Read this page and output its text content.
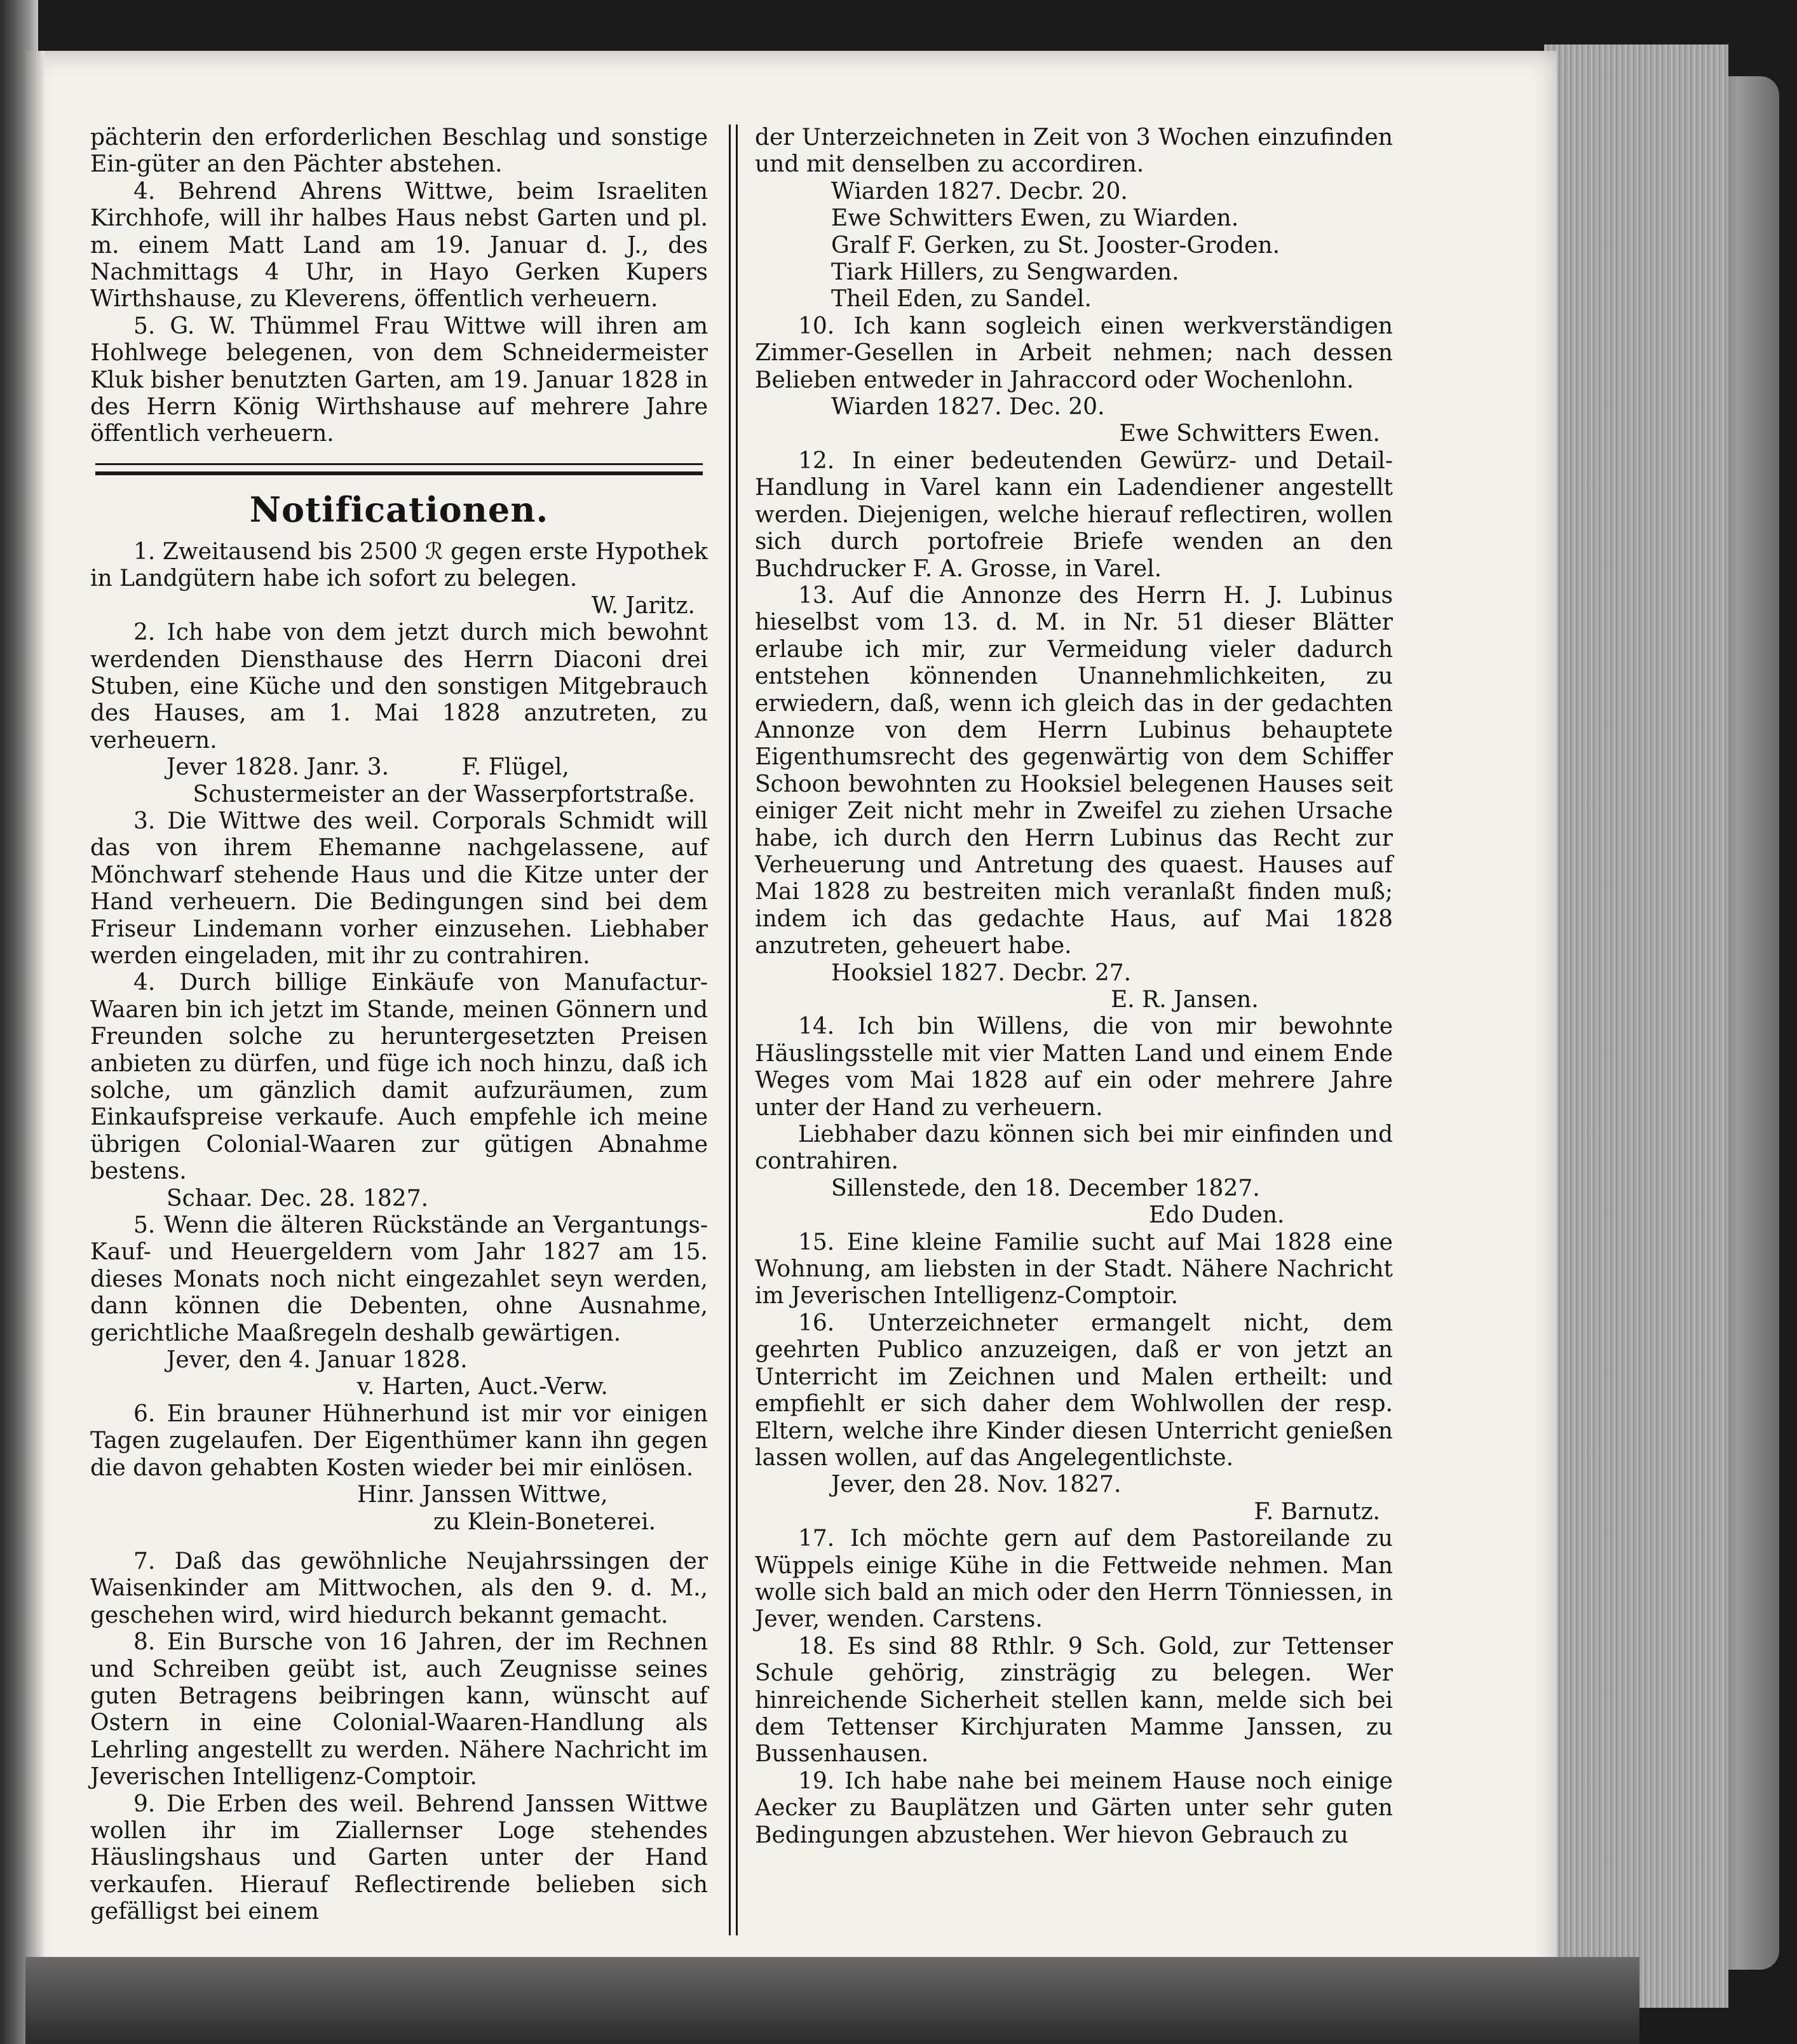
pächterin den erforderlichen Beschlag und sonstige Ein-güter an den Pächter abstehen.

4. Behrend Ahrens Wittwe, beim Israeliten Kirchhofe, will ihr halbes Haus nebst Garten und pl. m. einem Matt Land am 19. Januar d. J., des Nachmittags 4 Uhr, in Hayo Gerken Kupers Wirthshause, zu Kleverens, öffentlich verheuern.

5. G. W. Thümmel Frau Wittwe will ihren am Hohlwege belegenen, von dem Schneidermeister Kluk bisher benutzten Garten, am 19. Januar 1828 in des Herrn König Wirthshause auf mehrere Jahre öffentlich verheuern.

Notificationen.

1. Zweitausend bis 2500 ℛ gegen erste Hypothek in Landgütern habe ich sofort zu belegen.

W. Jaritz.

2. Ich habe von dem jetzt durch mich bewohnt werdenden Diensthause des Herrn Diaconi drei Stuben, eine Küche und den sonstigen Mitgebrauch des Hauses, am 1. Mai 1828 anzutreten, zu verheuern.

Jever 1828. Janr. 3.          F. Flügel,

Schustermeister an der Wasserpfortstraße.

3. Die Wittwe des weil. Corporals Schmidt will das von ihrem Ehemanne nachgelassene, auf Mönchwarf stehende Haus und die Kitze unter der Hand verheuern. Die Bedingungen sind bei dem Friseur Lindemann vorher einzusehen. Liebhaber werden eingeladen, mit ihr zu contrahiren.

4. Durch billige Einkäufe von Manufactur-Waaren bin ich jetzt im Stande, meinen Gönnern und Freunden solche zu heruntergesetzten Preisen anbieten zu dürfen, und füge ich noch hinzu, daß ich solche, um gänzlich damit aufzuräumen, zum Einkaufspreise verkaufe. Auch empfehle ich meine übrigen Colonial-Waaren zur gütigen Abnahme bestens.

Schaar. Dec. 28. 1827.

5. Wenn die älteren Rückstände an Vergantungs-Kauf- und Heuergeldern vom Jahr 1827 am 15. dieses Monats noch nicht eingezahlet seyn werden, dann können die Debenten, ohne Ausnahme, gerichtliche Maaßregeln deshalb gewärtigen.

Jever, den 4. Januar 1828.

v. Harten, Auct.-Verw.

6. Ein brauner Hühnerhund ist mir vor einigen Tagen zugelaufen. Der Eigenthümer kann ihn gegen die davon gehabten Kosten wieder bei mir einlösen.

Hinr. Janssen Wittwe,

zu Klein-Boneterei.

7. Daß das gewöhnliche Neujahrssingen der Waisenkinder am Mittwochen, als den 9. d. M., geschehen wird, wird hiedurch bekannt gemacht.

8. Ein Bursche von 16 Jahren, der im Rechnen und Schreiben geübt ist, auch Zeugnisse seines guten Betragens beibringen kann, wünscht auf Ostern in eine Colonial-Waaren-Handlung als Lehrling angestellt zu werden. Nähere Nachricht im Jeverischen Intelligenz-Comptoir.

9. Die Erben des weil. Behrend Janssen Wittwe wollen ihr im Ziallernser Loge stehendes Häuslingshaus und Garten unter der Hand verkaufen. Hierauf Reflectirende belieben sich gefälligst bei einem

der Unterzeichneten in Zeit von 3 Wochen einzufinden und mit denselben zu accordiren.

Wiarden 1827. Decbr. 20.

Ewe Schwitters Ewen, zu Wiarden.

Gralf F. Gerken, zu St. Jooster-Groden.

Tiark Hillers, zu Sengwarden.

Theil Eden, zu Sandel.

10. Ich kann sogleich einen werkverständigen Zimmer-Gesellen in Arbeit nehmen; nach dessen Belieben entweder in Jahraccord oder Wochenlohn.

Wiarden 1827. Dec. 20.

Ewe Schwitters Ewen.

12. In einer bedeutenden Gewürz- und Detail-Handlung in Varel kann ein Ladendiener angestellt werden. Diejenigen, welche hierauf reflectiren, wollen sich durch portofreie Briefe wenden an den Buchdrucker F. A. Grosse, in Varel.

13. Auf die Annonze des Herrn H. J. Lubinus hieselbst vom 13. d. M. in Nr. 51 dieser Blätter erlaube ich mir, zur Vermeidung vieler dadurch entstehen könnenden Unannehmlichkeiten, zu erwiedern, daß, wenn ich gleich das in der gedachten Annonze von dem Herrn Lubinus behauptete Eigenthumsrecht des gegenwärtig von dem Schiffer Schoon bewohnten zu Hooksiel belegenen Hauses seit einiger Zeit nicht mehr in Zweifel zu ziehen Ursache habe, ich durch den Herrn Lubinus das Recht zur Verheuerung und Antretung des quaest. Hauses auf Mai 1828 zu bestreiten mich veranlaßt finden muß; indem ich das gedachte Haus, auf Mai 1828 anzutreten, geheuert habe.

Hooksiel 1827. Decbr. 27.

E. R. Jansen.

14. Ich bin Willens, die von mir bewohnte Häuslingsstelle mit vier Matten Land und einem Ende Weges vom Mai 1828 auf ein oder mehrere Jahre unter der Hand zu verheuern.

Liebhaber dazu können sich bei mir einfinden und contrahiren.

Sillenstede, den 18. December 1827.

Edo Duden.

15. Eine kleine Familie sucht auf Mai 1828 eine Wohnung, am liebsten in der Stadt. Nähere Nachricht im Jeverischen Intelligenz-Comptoir.

16. Unterzeichneter ermangelt nicht, dem geehrten Publico anzuzeigen, daß er von jetzt an Unterricht im Zeichnen und Malen ertheilt: und empfiehlt er sich daher dem Wohlwollen der resp. Eltern, welche ihre Kinder diesen Unterricht genießen lassen wollen, auf das Angelegentlichste.

Jever, den 28. Nov. 1827.

F. Barnutz.

17. Ich möchte gern auf dem Pastoreilande zu Wüppels einige Kühe in die Fettweide nehmen. Man wolle sich bald an mich oder den Herrn Tönniessen, in Jever, wenden. Carstens.

18. Es sind 88 Rthlr. 9 Sch. Gold, zur Tettenser Schule gehörig, zinsträgig zu belegen. Wer hinreichende Sicherheit stellen kann, melde sich bei dem Tettenser Kirchjuraten Mamme Janssen, zu Bussenhausen.

19. Ich habe nahe bei meinem Hause noch einige Aecker zu Bauplätzen und Gärten unter sehr guten Bedingungen abzustehen. Wer hievon Gebrauch zu
